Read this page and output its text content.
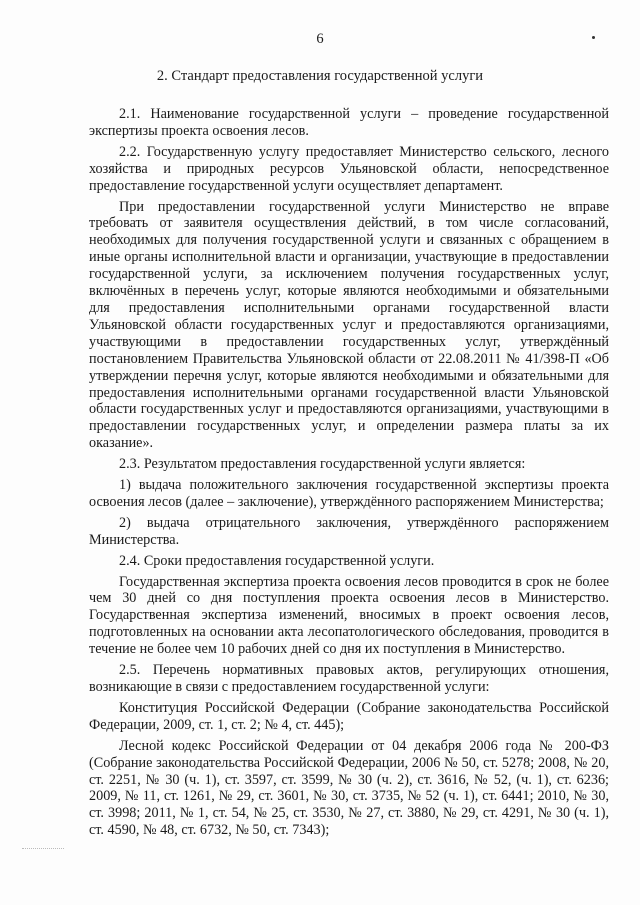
6
2. Стандарт предоставления государственной услуги

2.1. Наименование государственной услуги – проведение государственной экспертизы проекта освоения лесов.

2.2. Государственную услугу предоставляет Министерство сельского, лесного хозяйства и природных ресурсов Ульяновской области, непосредственное предоставление государственной услуги осуществляет департамент.

При предоставлении государственной услуги Министерство не вправе требовать от заявителя осуществления действий, в том числе согласований, необходимых для получения государственной услуги и связанных с обращением в иные органы исполнительной власти и организации, участвующие в предоставлении государственной услуги, за исключением получения государственных услуг, включённых в перечень услуг, которые являются необходимыми и обязательными для предоставления исполнительными органами государственной власти Ульяновской области государственных услуг и предоставляются организациями, участвующими в предоставлении государственных услуг, утверждённый постановлением Правительства Ульяновской области от 22.08.2011 № 41/398-П «Об утверждении перечня услуг, которые являются необходимыми и обязательными для предоставления исполнительными органами государственной власти Ульяновской области государственных услуг и предоставляются организациями, участвующими в предоставлении государственных услуг, и определении размера платы за их оказание».

2.3. Результатом предоставления государственной услуги является:

1) выдача положительного заключения государственной экспертизы проекта освоения лесов (далее – заключение), утверждённого распоряжением Министерства;

2) выдача отрицательного заключения, утверждённого распоряжением Министерства.

2.4. Сроки предоставления государственной услуги.

Государственная экспертиза проекта освоения лесов проводится в срок не более чем 30 дней со дня поступления проекта освоения лесов в Министерство. Государственная экспертиза изменений, вносимых в проект освоения лесов, подготовленных на основании акта лесопатологического обследования, проводится в течение не более чем 10 рабочих дней со дня их поступления в Министерство.

2.5. Перечень нормативных правовых актов, регулирующих отношения, возникающие в связи с предоставлением государственной услуги:

Конституция Российской Федерации (Собрание законодательства Российской Федерации, 2009, ст. 1, ст. 2; № 4, ст. 445);

Лесной кодекс Российской Федерации от 04 декабря 2006 года № 200-ФЗ (Собрание законодательства Российской Федерации, 2006 № 50, ст. 5278; 2008, № 20, ст. 2251, № 30 (ч. 1), ст. 3597, ст. 3599, № 30 (ч. 2), ст. 3616, № 52, (ч. 1), ст. 6236; 2009, № 11, ст. 1261, № 29, ст. 3601, № 30, ст. 3735, № 52 (ч. 1), ст. 6441; 2010, № 30, ст. 3998; 2011, № 1, ст. 54, № 25, ст. 3530, № 27, ст. 3880, № 29, ст. 4291, № 30 (ч. 1), ст. 4590, № 48, ст. 6732, № 50, ст. 7343);
